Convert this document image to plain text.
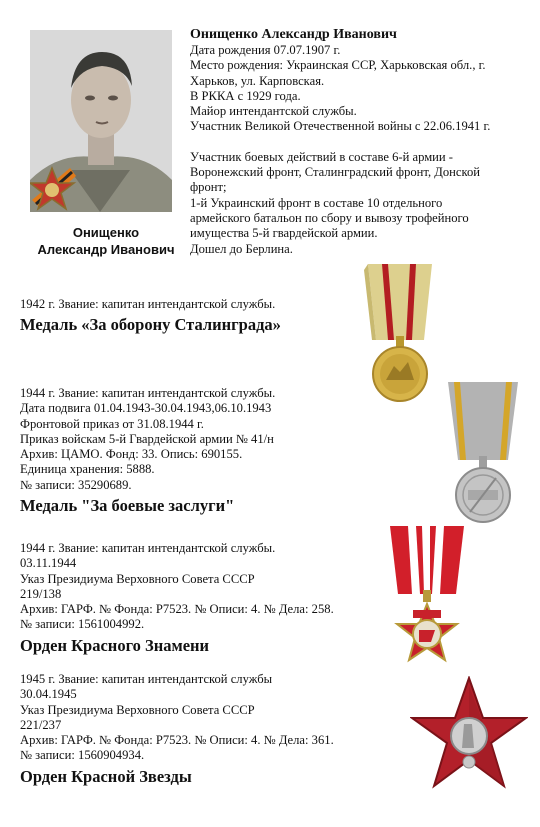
Онищенко
Александр Иванович
Онищенко Александр Иванович
Дата рождения 07.07.1907 г.
Место рождения: Украинская ССР, Харьковская обл., г.
Харьков, ул. Карповская.
В РККА с 1929 года.
Майор интендантской службы.
Участник Великой Отечественной войны с 22.06.1941 г.
Участник боевых действий в составе 6-й армии -
Воронежский фронт, Сталинградский фронт, Донской
фронт;
1-й Украинский фронт в составе 10 отдельного
армейского батальон по сбору и вывозу трофейного
имущества 5-й гвардейской армии.
Дошел до Берлина.
1942 г. Звание: капитан интендантской службы.
Медаль «За оборону Сталинграда»
1944 г. Звание: капитан интендантской службы.
Дата подвига 01.04.1943-30.04.1943,06.10.1943
Фронтовой приказ от 31.08.1944 г.
Приказ войскам 5-й Гвардейской армии № 41/н
Архив: ЦАМО. Фонд: 33. Опись: 690155.
Единица хранения: 5888.
№ записи: 35290689.
Медаль "За боевые заслуги"
1944 г. Звание: капитан интендантской службы.
03.11.1944
Указ Президиума Верховного Совета СССР
219/138
Архив: ГАРФ. № Фонда: Р7523. № Описи: 4. № Дела: 258.
№ записи: 1561004992.
Орден Красного Знамени
1945 г. Звание: капитан интендантской службы
30.04.1945
Указ Президиума Верховного Совета СССР
221/237
Архив: ГАРФ. № Фонда: Р7523. № Описи: 4. № Дела: 361.
№ записи: 1560904934.
Орден Красной Звезды
